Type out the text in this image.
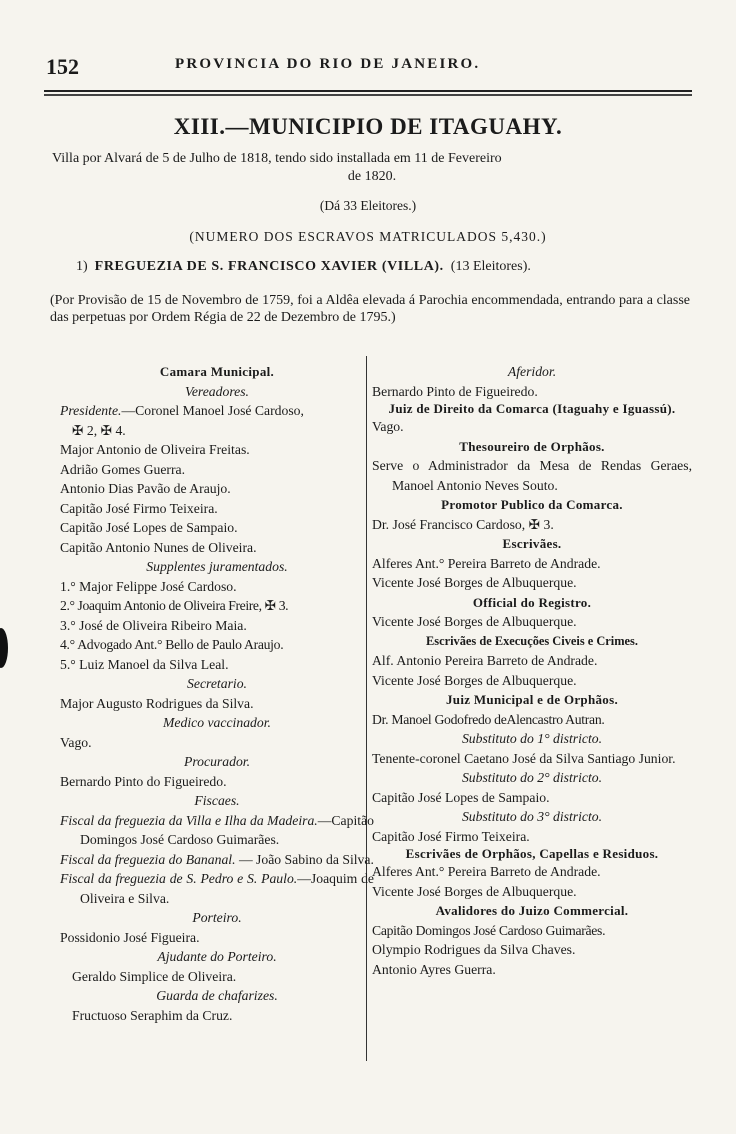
152	PROVINCIA DO RIO DE JANEIRO.
XIII.—MUNICIPIO DE ITAGUAHY.
Villa por Alvará de 5 de Julho de 1818, tendo sido installada em 11 de Fevereiro
de 1820.
(Dá 33 Eleitores.)
(NUMERO DOS ESCRAVOS MATRICULADOS 5,430.)
1) FREGUEZIA DE S. FRANCISCO XAVIER (VILLA). (13 Eleitores).
(Por Provisão de 15 de Novembro de 1759, foi a Aldêa elevada á Parochia encommendada, entrando para a classe das perpetuas por Ordem Régia de 22 de Dezembro de 1795.)
Camara Municipal.
Vereadores.
Presidente.—Coronel Manoel José Cardoso,
✠ 2, ✠ 4.
Major Antonio de Oliveira Freitas.
Adrião Gomes Guerra.
Antonio Dias Pavão de Araujo.
Capitão José Firmo Teixeira.
Capitão José Lopes de Sampaio.
Capitão Antonio Nunes de Oliveira.
Supplentes juramentados.
1.° Major Felippe José Cardoso.
2.° Joaquim Antonio de Oliveira Freire, ✠ 3.
3.° José de Oliveira Ribeiro Maia.
4.° Advogado Ant.° Bello de Paulo Araujo.
5.° Luiz Manoel da Silva Leal.
Secretario.
Major Augusto Rodrigues da Silva.
Medico vaccinador.
Vago.
Procurador.
Bernardo Pinto do Figueiredo.
Fiscaes.
Fiscal da freguezia da Villa e Ilha da Madeira.—Capitão Domingos José Cardoso Guimarães.
Fiscal da freguezia do Bananal. — João Sabino da Silva.
Fiscal da freguezia de S. Pedro e S. Paulo.—Joaquim de Oliveira e Silva.
Porteiro.
Possidonio José Figueira.
Ajudante do Porteiro.
Geraldo Simplice de Oliveira.
Guarda de chafarizes.
Fructuoso Seraphim da Cruz.
Aferidor.
Bernardo Pinto de Figueiredo.
Juiz de Direito da Comarca (Itaguahy e Iguassú).
Vago.
Thesoureiro de Orphãos.
Serve o Administrador da Mesa de Rendas Geraes, Manoel Antonio Neves Souto.
Promotor Publico da Comarca.
Dr. José Francisco Cardoso, ✠ 3.
Escrivães.
Alferes Ant.° Pereira Barreto de Andrade.
Vicente José Borges de Albuquerque.
Official do Registro.
Vicente José Borges de Albuquerque.
Escrivães de Execuções Civeis e Crimes.
Alf. Antonio Pereira Barreto de Andrade.
Vicente José Borges de Albuquerque.
Juiz Municipal e de Orphãos.
Dr. Manoel Godofredo deAlencastro Autran.
Substituto do 1° districto.
Tenente-coronel Caetano José da Silva Santiago Junior.
Substituto do 2° districto.
Capitão José Lopes de Sampaio.
Substituto do 3° districto.
Capitão José Firmo Teixeira.
Escrivães de Orphãos, Capellas e Residuos.
Alferes Ant.° Pereira Barreto de Andrade.
Vicente José Borges de Albuquerque.
Avalidores do Juizo Commercial.
Capitão Domingos José Cardoso Guimarães.
Olympio Rodrigues da Silva Chaves.
Antonio Ayres Guerra.
